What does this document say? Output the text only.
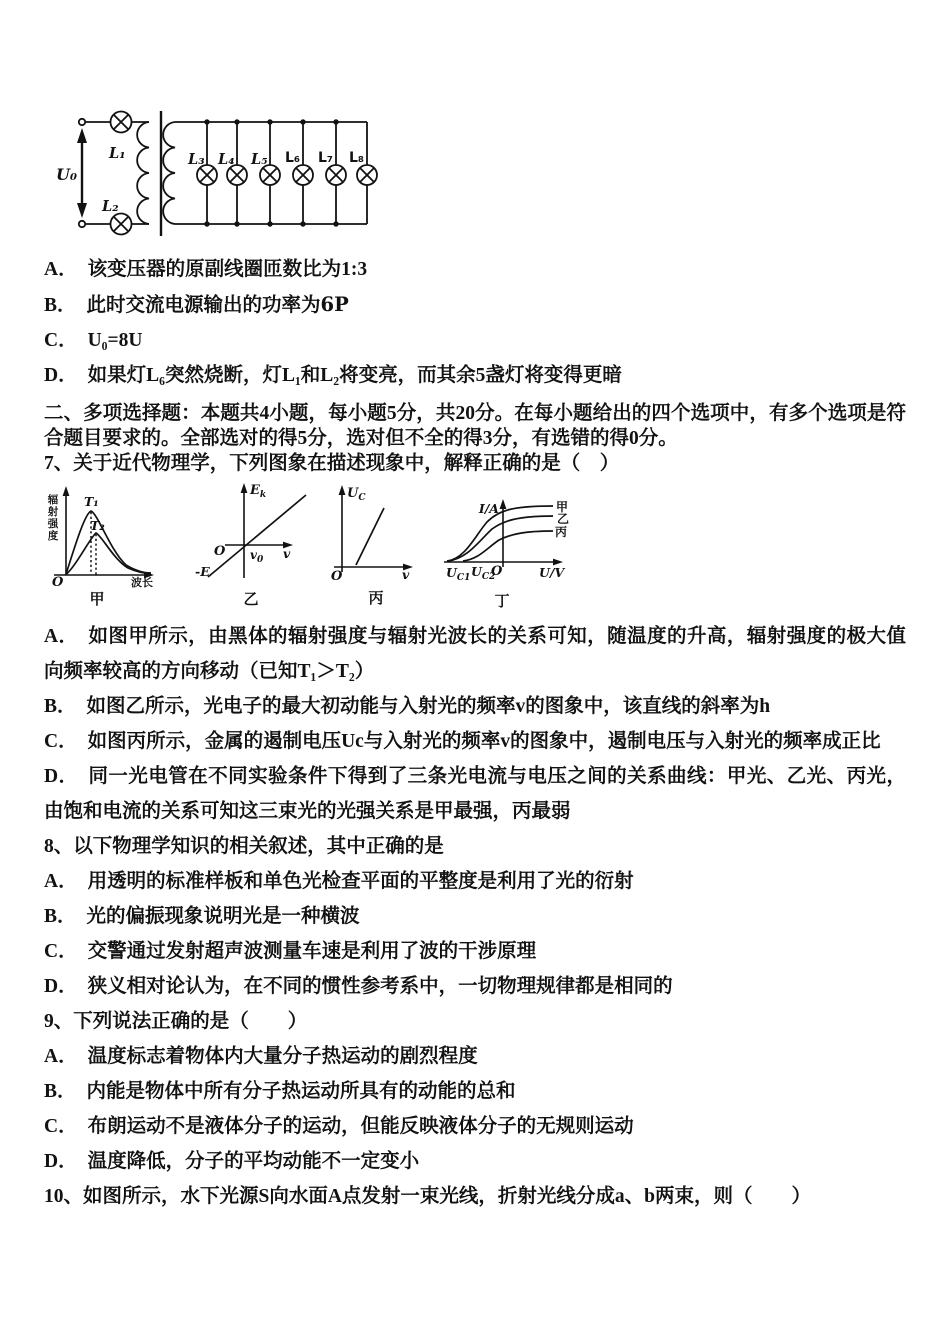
U₀
L₁
L₂
L₃ L₄ L₅ L₆ L₇ L₈

A． 该变压器的原副线圈匝数比为1:3

B． 此时交流电源输出的功率为6P

C． U₀=8U

D． 如果灯L₆突然烧断，灯L₁和L₂将变亮，而其余5盏灯将变得更暗

二、多项选择题：本题共4小题，每小题5分，共20分。在每小题给出的四个选项中，有多个选项是符合题目要求的。全部选对的得5分，选对但不全的得3分，有选错的得0分。

7、关于近代物理学，下列图象在描述现象中，解释正确的是（　）

辐
射
强
度
T₁
T₂
O	波长
甲
Ek
O	v
v0
-E
乙
UC
O	v
丙
I/A	甲
乙
丙
UC1 UC2
O	U/V
丁

A． 如图甲所示，由黑体的辐射强度与辐射光波长的关系可知，随温度的升高，辐射强度的极大值向频率较高的方向移动（已知T₁＞T₂）

B． 如图乙所示，光电子的最大初动能与入射光的频率v的图象中，该直线的斜率为h

C． 如图丙所示，金属的遏制电压Uc与入射光的频率v的图象中，遏制电压与入射光的频率成正比

D． 同一光电管在不同实验条件下得到了三条光电流与电压之间的关系曲线：甲光、乙光、丙光，由饱和电流的关系可知这三束光的光强关系是甲最强，丙最弱

8、以下物理学知识的相关叙述，其中正确的是

A． 用透明的标准样板和单色光检查平面的平整度是利用了光的衍射

B． 光的偏振现象说明光是一种横波

C． 交警通过发射超声波测量车速是利用了波的干涉原理

D． 狭义相对论认为，在不同的惯性参考系中，一切物理规律都是相同的

9、下列说法正确的是（　　）

A． 温度标志着物体内大量分子热运动的剧烈程度

B． 内能是物体中所有分子热运动所具有的动能的总和

C． 布朗运动不是液体分子的运动，但能反映液体分子的无规则运动

D． 温度降低，分子的平均动能不一定变小

10、如图所示，水下光源S向水面A点发射一束光线，折射光线分成a、b两束，则（　　）
